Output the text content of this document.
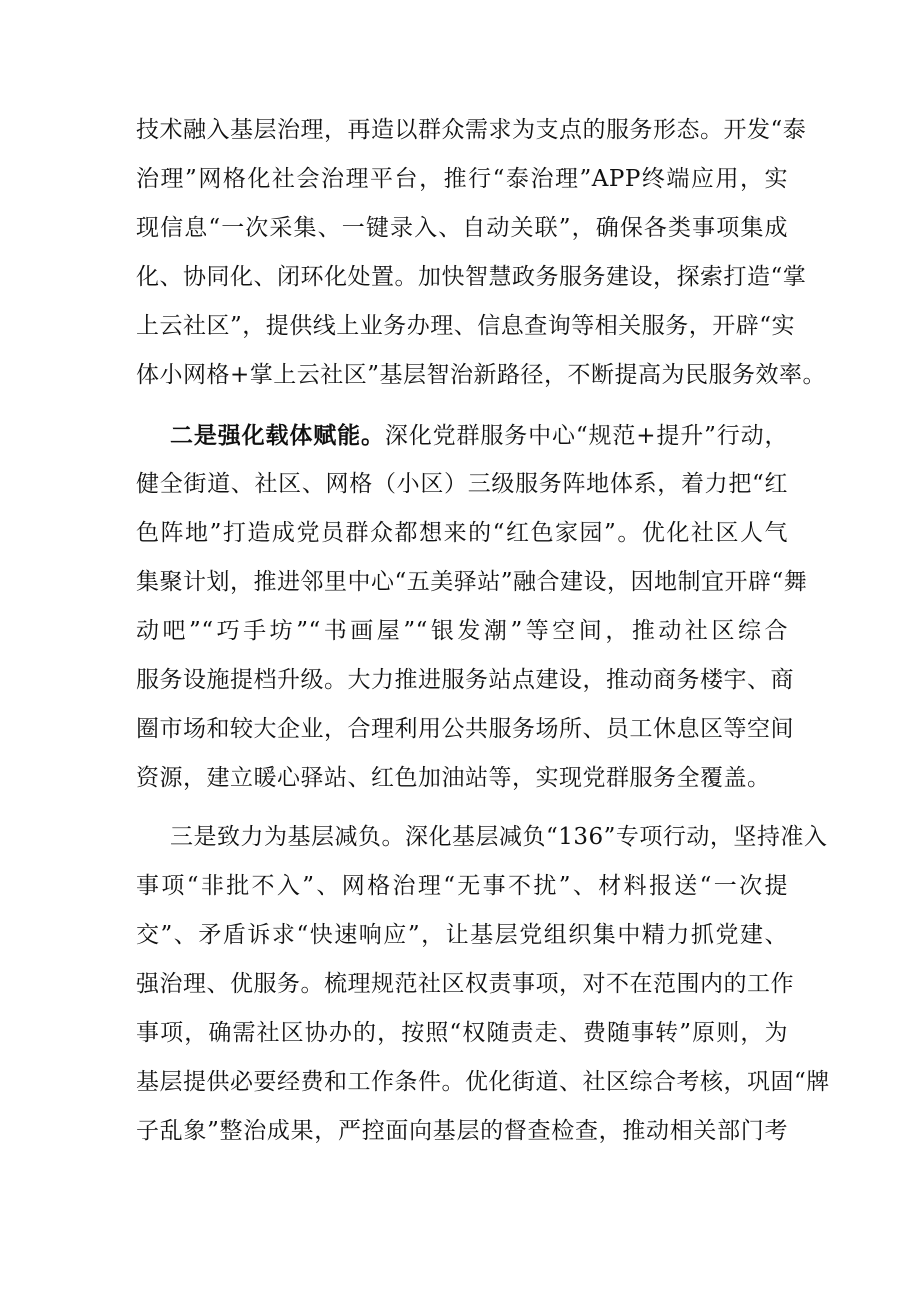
技术融入基层治理，再造以群众需求为支点的服务形态。开发“泰
治理”网格化社会治理平台，推行“泰治理”APP终端应用，实
现信息“一次采集、一键录入、自动关联”，确保各类事项集成
化、协同化、闭环化处置。加快智慧政务服务建设，探索打造“掌
上云社区”，提供线上业务办理、信息查询等相关服务，开辟“实
体小网格+掌上云社区”基层智治新路径，不断提高为民服务效率。
二是强化载体赋能。深化党群服务中心“规范+提升”行动，
健全街道、社区、网格（小区）三级服务阵地体系，着力把“红
色阵地”打造成党员群众都想来的“红色家园”。优化社区人气
集聚计划，推进邻里中心“五美驿站”融合建设，因地制宜开辟“舞
动吧”“巧手坊”“书画屋”“银发潮”等空间，推动社区综合
服务设施提档升级。大力推进服务站点建设，推动商务楼宇、商
圈市场和较大企业，合理利用公共服务场所、员工休息区等空间
资源，建立暖心驿站、红色加油站等，实现党群服务全覆盖。
三是致力为基层减负。深化基层减负“136”专项行动，坚持准入
事项“非批不入”、网格治理“无事不扰”、材料报送“一次提
交”、矛盾诉求“快速响应”，让基层党组织集中精力抓党建、
强治理、优服务。梳理规范社区权责事项，对不在范围内的工作
事项，确需社区协办的，按照“权随责走、费随事转”原则，为
基层提供必要经费和工作条件。优化街道、社区综合考核，巩固“牌
子乱象”整治成果，严控面向基层的督查检查，推动相关部门考
